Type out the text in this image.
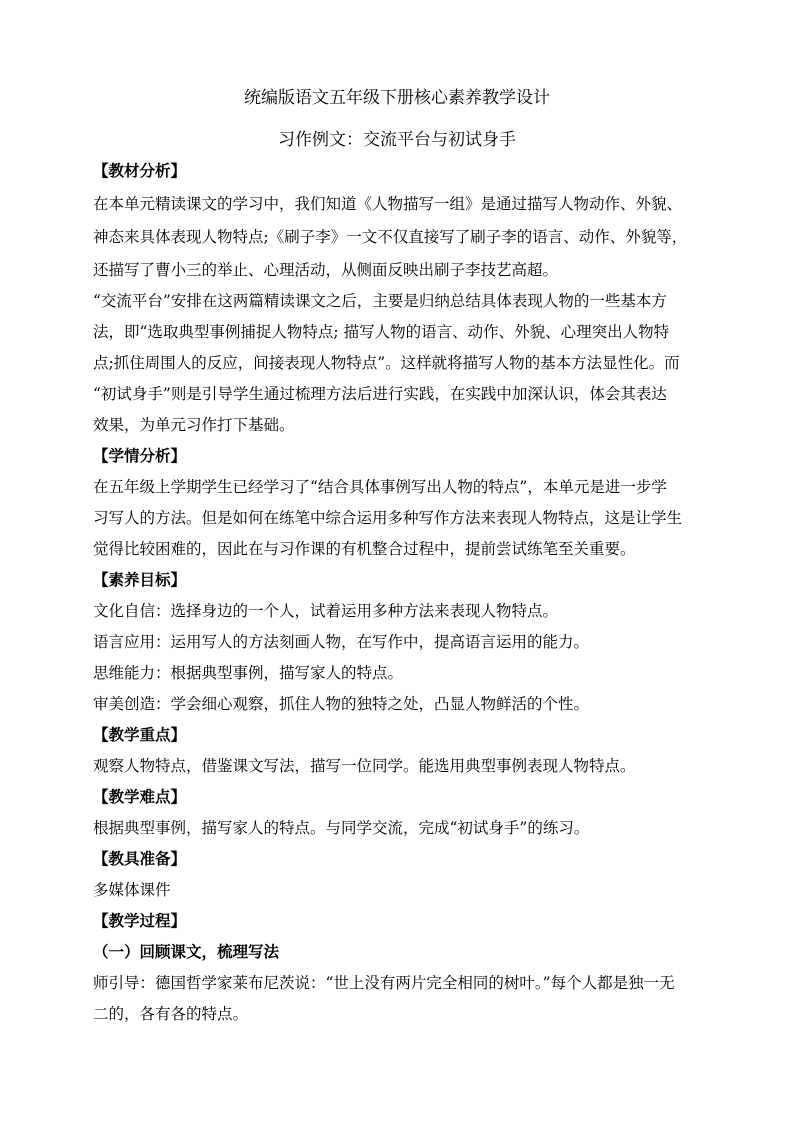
统编版语文五年级下册核心素养教学设计
习作例文：交流平台与初试身手
【教材分析】
在本单元精读课文的学习中，我们知道《人物描写一组》是通过描写人物动作、外貌、
神态来具体表现人物特点;《刷子李》一文不仅直接写了刷子李的语言、动作、外貌等，
还描写了曹小三的举止、心理活动，从侧面反映出刷子李技艺高超。
“交流平台”安排在这两篇精读课文之后，主要是归纳总结具体表现人物的一些基本方
法，即“选取典型事例捕捉人物特点; 描写人物的语言、动作、外貌、心理突出人物特
点;抓住周围人的反应，间接表现人物特点”。这样就将描写人物的基本方法显性化。而
“初试身手”则是引导学生通过梳理方法后进行实践，在实践中加深认识，体会其表达
效果，为单元习作打下基础。
【学情分析】
在五年级上学期学生已经学习了“结合具体事例写出人物的特点”，本单元是进一步学
习写人的方法。但是如何在练笔中综合运用多种写作方法来表现人物特点，这是让学生
觉得比较困难的，因此在与习作课的有机整合过程中，提前尝试练笔至关重要。
【素养目标】
文化自信：选择身边的一个人，试着运用多种方法来表现人物特点。
语言应用：运用写人的方法刻画人物，在写作中，提高语言运用的能力。
思维能力：根据典型事例，描写家人的特点。
审美创造：学会细心观察，抓住人物的独特之处，凸显人物鲜活的个性。
【教学重点】
观察人物特点，借鉴课文写法，描写一位同学。能选用典型事例表现人物特点。
【教学难点】
根据典型事例，描写家人的特点。与同学交流，完成“初试身手”的练习。
【教具准备】
多媒体课件
【教学过程】
（一）回顾课文，梳理写法
师引导：德国哲学家莱布尼茨说：“世上没有两片完全相同的树叶。”每个人都是独一无
二的，各有各的特点。
